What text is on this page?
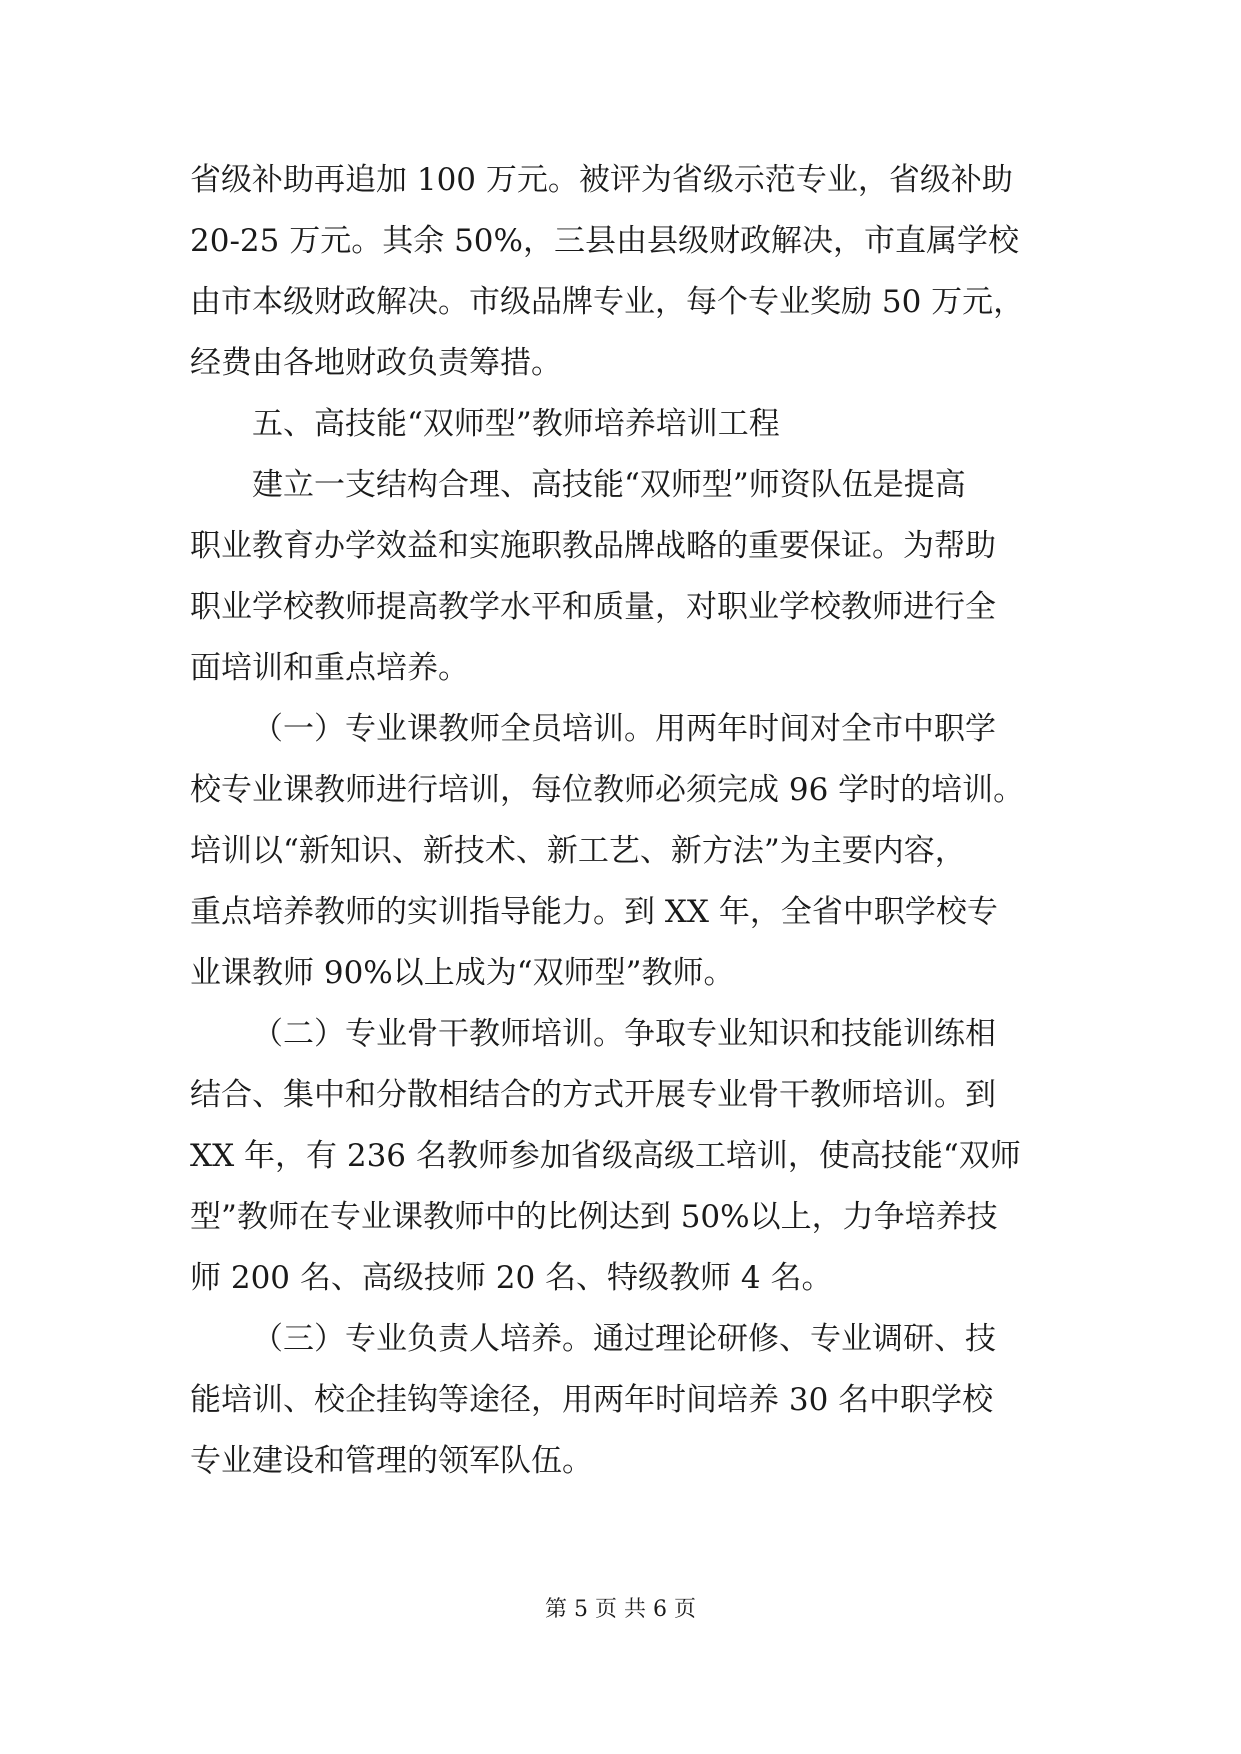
省级补助再追加 100 万元。被评为省级示范专业，省级补助
20-25 万元。其余 50%，三县由县级财政解决，市直属学校
由市本级财政解决。市级品牌专业，每个专业奖励 50 万元，
经费由各地财政负责筹措。
五、高技能“双师型”教师培养培训工程
建立一支结构合理、高技能“双师型”师资队伍是提高
职业教育办学效益和实施职教品牌战略的重要保证。为帮助
职业学校教师提高教学水平和质量，对职业学校教师进行全
面培训和重点培养。
（一）专业课教师全员培训。用两年时间对全市中职学
校专业课教师进行培训，每位教师必须完成 96 学时的培训。
培训以“新知识、新技术、新工艺、新方法”为主要内容，
重点培养教师的实训指导能力。到 XX 年，全省中职学校专
业课教师 90%以上成为“双师型”教师。
（二）专业骨干教师培训。争取专业知识和技能训练相
结合、集中和分散相结合的方式开展专业骨干教师培训。到
XX 年，有 236 名教师参加省级高级工培训，使高技能“双师
型”教师在专业课教师中的比例达到 50%以上，力争培养技
师 200 名、高级技师 20 名、特级教师 4 名。
（三）专业负责人培养。通过理论研修、专业调研、技
能培训、校企挂钩等途径，用两年时间培养 30 名中职学校
专业建设和管理的领军队伍。
第 5 页 共 6 页
